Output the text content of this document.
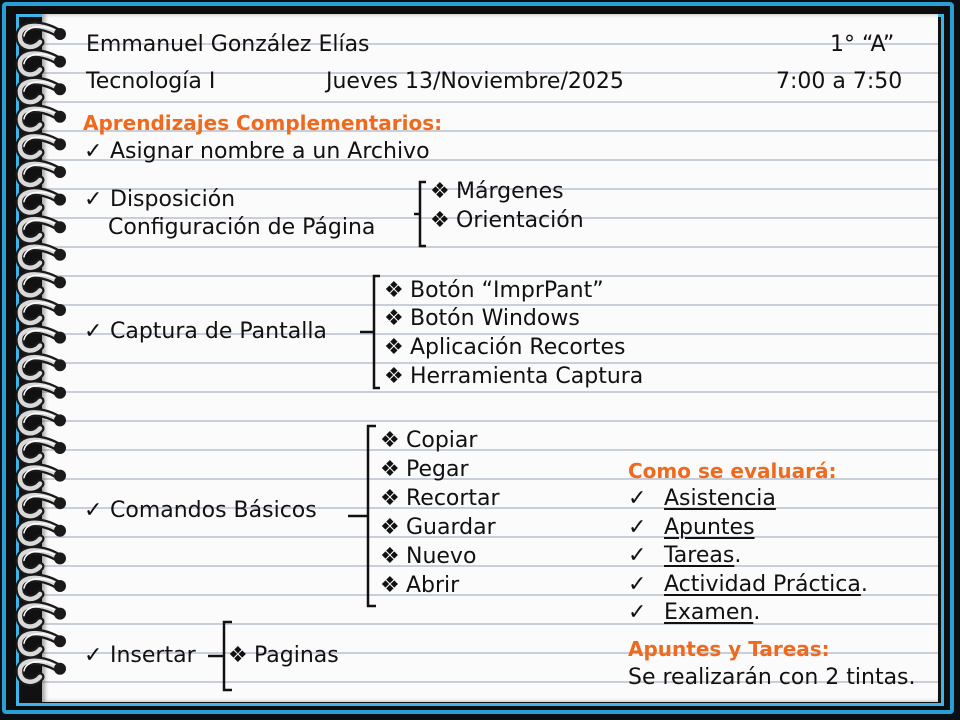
Emmanuel González Elías	1° “A”
Tecnología I	Jueves 13/Noviembre/2025	7:00 a 7:50
Aprendizajes Complementarios:
✓ Asignar nombre a un Archivo
✓ Disposición
Configuración de Página
❖ Márgenes
❖ Orientación
✓ Captura de Pantalla
❖ Botón “ImprPant”
❖ Botón Windows
❖ Aplicación Recortes
❖ Herramienta Captura
✓ Comandos Básicos
❖ Copiar
❖ Pegar
❖ Recortar
❖ Guardar
❖ Nuevo
❖ Abrir
✓ Insertar ❖ Paginas
Como se evaluará:
✓ Asistencia
✓ Apuntes
✓ Tareas.
✓ Actividad Práctica.
✓ Examen.
Apuntes y Tareas:
Se realizarán con 2 tintas.
